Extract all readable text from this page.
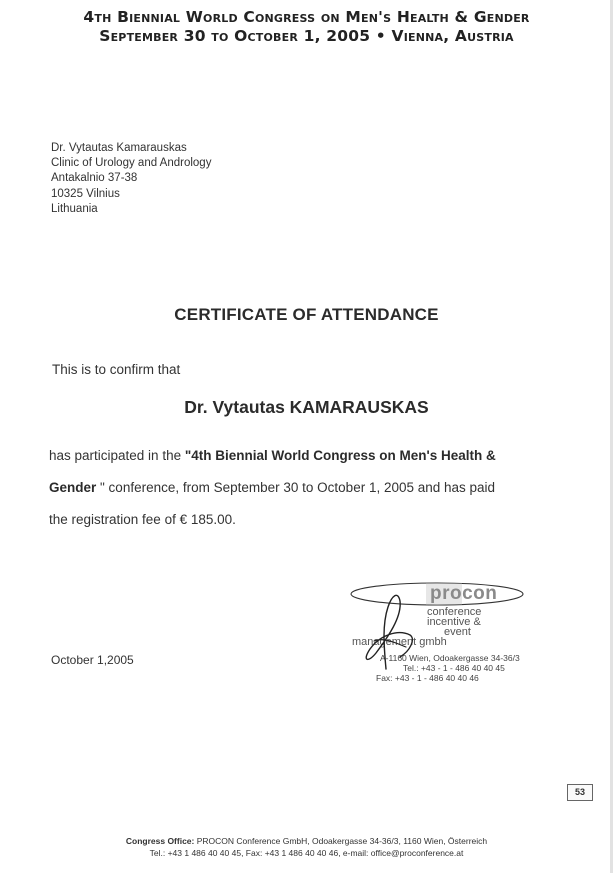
4th Biennial World Congress on Men's Health & Gender
September 30 to October 1, 2005 • Vienna, Austria
Dr. Vytautas Kamarauskas
Clinic of Urology and Andrology
Antakalnio 37-38
10325 Vilnius
Lithuania
CERTIFICATE OF ATTENDANCE
This is to confirm that
Dr. Vytautas KAMARAUSKAS
has participated in the "4th Biennial World Congress on Men's Health &
Gender " conference, from September 30 to October 1, 2005 and has paid
the registration fee of € 185.00.
October 1,2005
procon
conference
incentive &
event
management gmbh
A-1160 Wien, Odoakergasse 34-36/3
Tel.: +43 - 1 - 486 40 40 45
Fax: +43 - 1 - 486 40 40 46
53
Congress Office: PROCON Conference GmbH, Odoakergasse 34-36/3, 1160 Wien, Österreich
Tel.: +43 1 486 40 40 45, Fax: +43 1 486 40 40 46, e-mail: office@proconference.at
